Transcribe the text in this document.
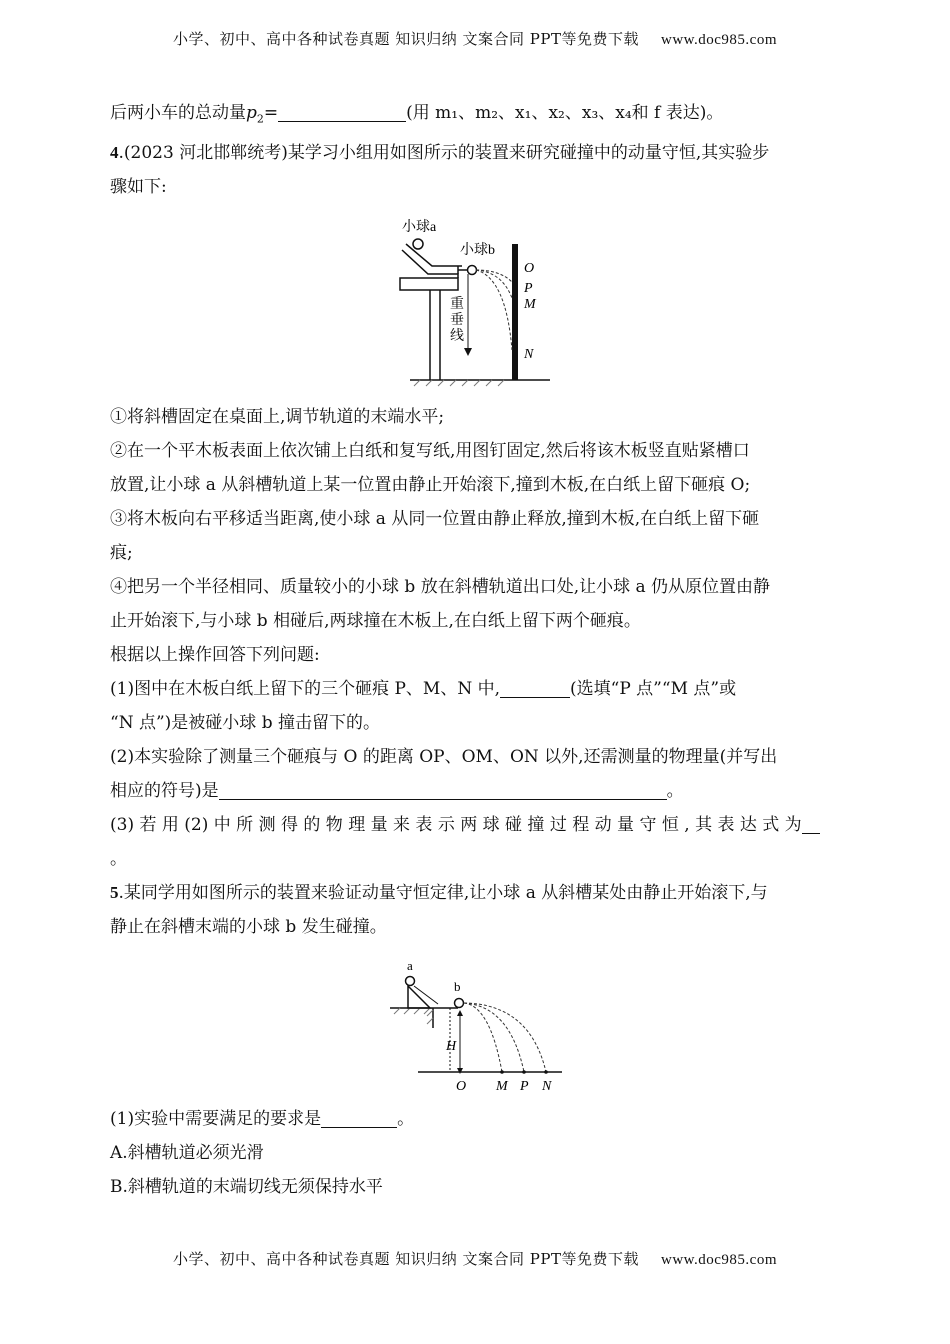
小学、初中、高中各种试卷真题 知识归纳 文案合同 PPT等免费下载 www.doc985.com

后两小车的总动量$p_2=$	(用 m₁、m₂、x₁、x₂、x₃、x₄和 f 表达)。

4.(2023 河北邯郸统考)某学习小组用如图所示的装置来研究碰撞中的动量守恒,其实验步

骤如下:

小球a
小球b
重
垂
线
O
P
M
N

①将斜槽固定在桌面上,调节轨道的末端水平;

②在一个平木板表面上依次铺上白纸和复写纸,用图钉固定,然后将该木板竖直贴紧槽口

放置,让小球 a 从斜槽轨道上某一位置由静止开始滚下,撞到木板,在白纸上留下砸痕 O;

③将木板向右平移适当距离,使小球 a 从同一位置由静止释放,撞到木板,在白纸上留下砸

痕;

④把另一个半径相同、质量较小的小球 b 放在斜槽轨道出口处,让小球 a 仍从原位置由静

止开始滚下,与小球 b 相碰后,两球撞在木板上,在白纸上留下两个砸痕。

根据以上操作回答下列问题:

(1)图中在木板白纸上留下的三个砸痕 P、M、N 中,	(选填“P 点”“M 点”或

“N 点”)是被碰小球 b 撞击留下的。

(2)本实验除了测量三个砸痕与 O 的距离 OP、OM、ON 以外,还需测量的物理量(并写出

相应的符号)是	。

(3) 若 用 (2) 中 所 测 得 的 物 理 量 来 表 示 两 球 碰 撞 过 程 动 量 守 恒 , 其 表 达 式 为

。

5.某同学用如图所示的装置来验证动量守恒定律,让小球 a 从斜槽某处由静止开始滚下,与

静止在斜槽末端的小球 b 发生碰撞。

a
b
H
O M P N

(1)实验中需要满足的要求是	。

A.斜槽轨道必须光滑

B.斜槽轨道的末端切线无须保持水平

小学、初中、高中各种试卷真题 知识归纳 文案合同 PPT等免费下载 www.doc985.com
